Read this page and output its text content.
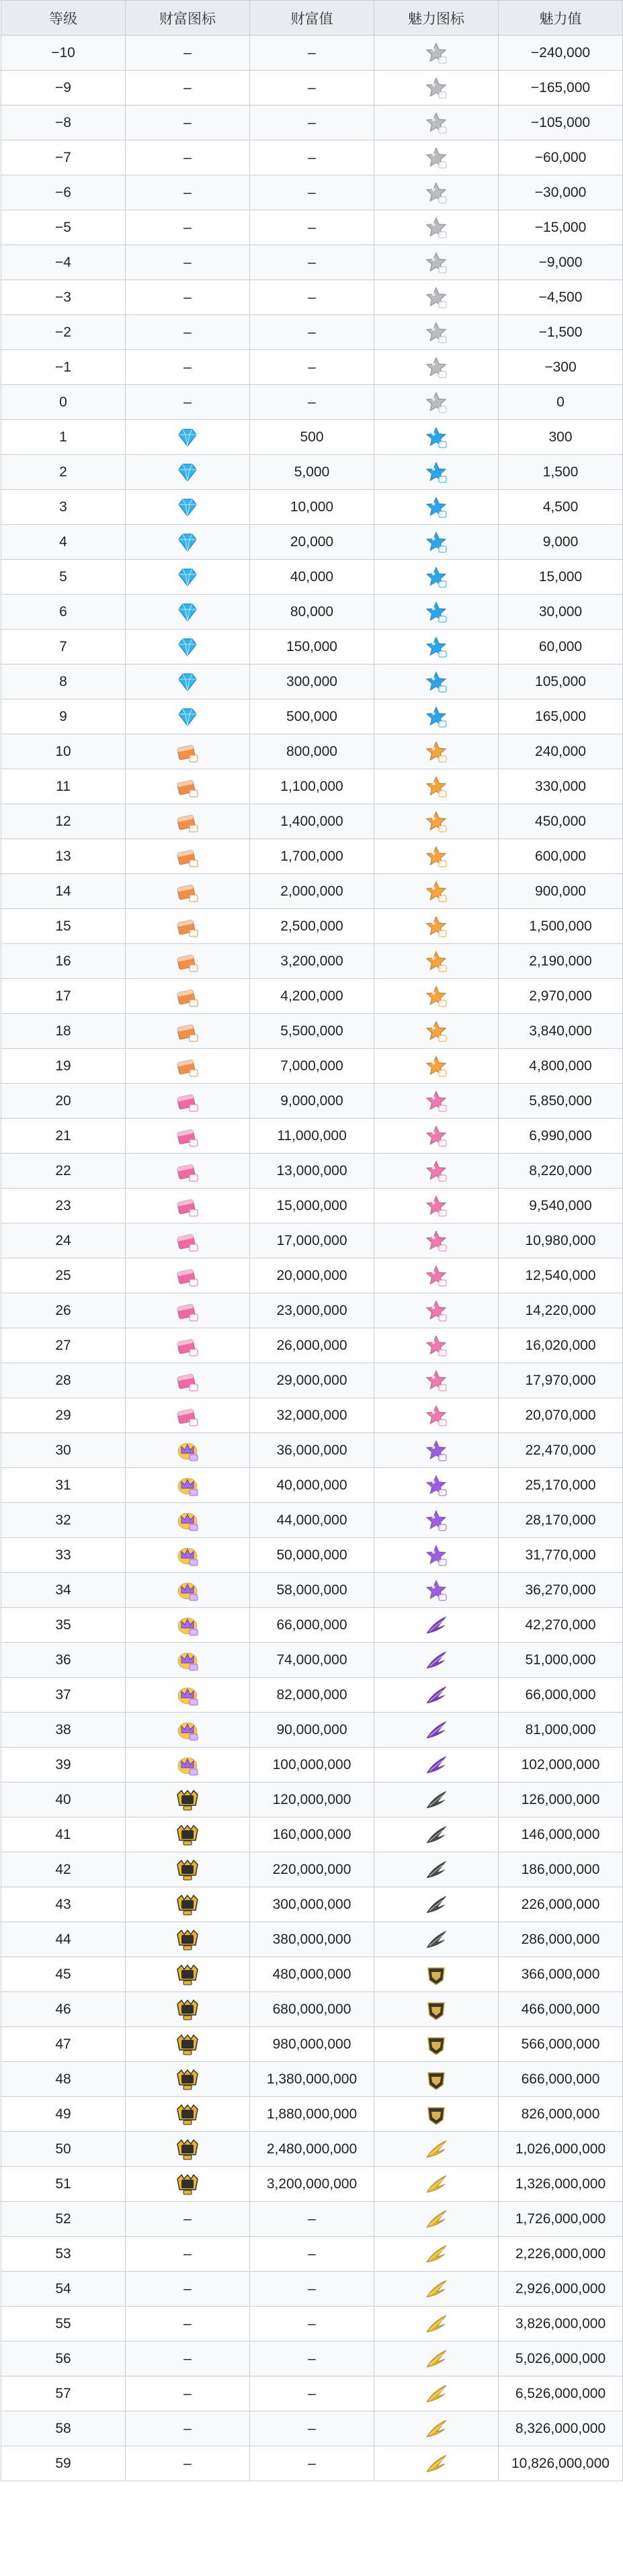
等级	财富图标	财富值	魅力图标	魅力值
−10	–	–		−240,000
−9	–	–		−165,000
−8	–	–		−105,000
−7	–	–		−60,000
−6	–	–		−30,000
−5	–	–		−15,000
−4	–	–		−9,000
−3	–	–		−4,500
−2	–	–		−1,500
−1	–	–		−300
0	–	–		0
1		500		300
2		5,000		1,500
3		10,000		4,500
4		20,000		9,000
5		40,000		15,000
6		80,000		30,000
7		150,000		60,000
8		300,000		105,000
9		500,000		165,000
10		800,000		240,000
11		1,100,000		330,000
12		1,400,000		450,000
13		1,700,000		600,000
14		2,000,000		900,000
15		2,500,000		1,500,000
16		3,200,000		2,190,000
17		4,200,000		2,970,000
18		5,500,000		3,840,000
19		7,000,000		4,800,000
20		9,000,000		5,850,000
21		11,000,000		6,990,000
22		13,000,000		8,220,000
23		15,000,000		9,540,000
24		17,000,000		10,980,000
25		20,000,000		12,540,000
26		23,000,000		14,220,000
27		26,000,000		16,020,000
28		29,000,000		17,970,000
29		32,000,000		20,070,000
30		36,000,000		22,470,000
31		40,000,000		25,170,000
32		44,000,000		28,170,000
33		50,000,000		31,770,000
34		58,000,000		36,270,000
35		66,000,000		42,270,000
36		74,000,000		51,000,000
37		82,000,000		66,000,000
38		90,000,000		81,000,000
39		100,000,000		102,000,000
40		120,000,000		126,000,000
41		160,000,000		146,000,000
42		220,000,000		186,000,000
43		300,000,000		226,000,000
44		380,000,000		286,000,000
45		480,000,000		366,000,000
46		680,000,000		466,000,000
47		980,000,000		566,000,000
48		1,380,000,000		666,000,000
49		1,880,000,000		826,000,000
50		2,480,000,000		1,026,000,000
51		3,200,000,000		1,326,000,000
52	–	–		1,726,000,000
53	–	–		2,226,000,000
54	–	–		2,926,000,000
55	–	–		3,826,000,000
56	–	–		5,026,000,000
57	–	–		6,526,000,000
58	–	–		8,326,000,000
59	–	–		10,826,000,000
